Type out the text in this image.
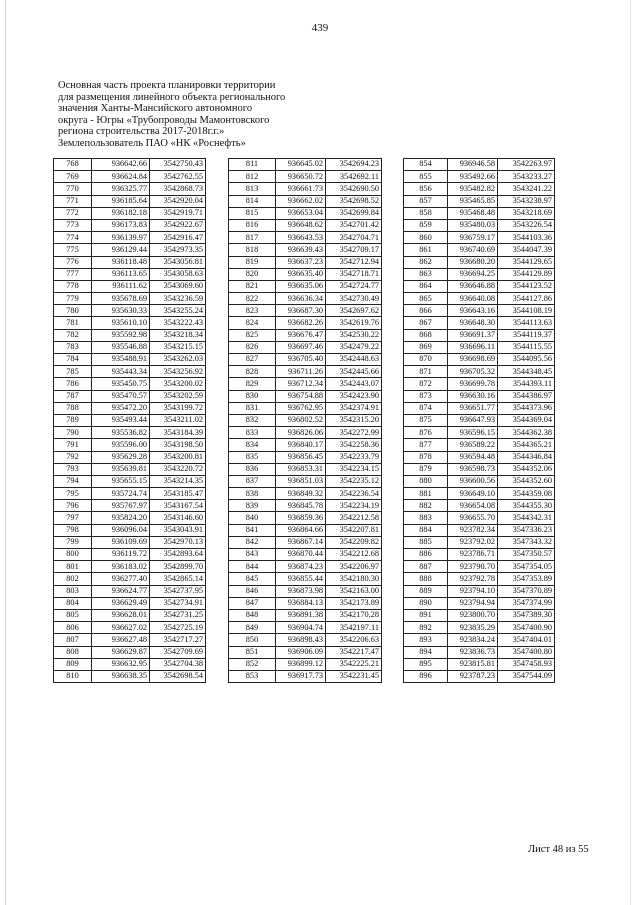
439
Основная часть проекта планировки территории
для размещения линейного объекта регионального
значения Ханты-Мансийского автономного
округа - Югры «Трубопроводы Мамонтовского
региона строительства 2017-2018г.г.»
Землепользователь ПАО «НК «Роснефть»
768	936642.66	3542750.43
769	936624.84	3542762.55
770	936325.77	3542868.73
771	936185.64	3542920.04
772	936182.18	3542919.71
773	936173.83	3542922.67
774	936139.97	3542916.47
775	936129.44	3542973.35
776	936118.48	3543056.81
777	936113.65	3543058.63
778	936111.62	3543069.60
779	935678.69	3543236.59
780	935630.33	3543255.24
781	935610.10	3543222.43
782	935592.98	3543218.34
783	935546.88	3543215.15
784	935488.91	3543262.03
785	935443.34	3543256.92
786	935450.75	3543200.02
787	935470.57	3543202.59
788	935472.20	3543199.72
789	935493.44	3543211.02
790	935536.82	3543184.39
791	935596.00	3543198.50
792	935629.28	3543200.81
793	935639.81	3543220.72
794	935655.15	3543214.35
795	935724.74	3543185.47
796	935767.97	3543167.54
797	935824.20	3543146.60
798	936096.04	3543043.91
799	936109.69	3542970.13
800	936119.72	3542893.64
801	936183.02	3542899.70
802	936277.40	3542865.14
803	936624.77	3542737.95
804	936629.49	3542734.91
805	936628.01	3542731.25
806	936627.02	3542725.19
807	936627.48	3542717.27
808	936629.87	3542709.69
809	936632.95	3542704.38
810	936638.35	3542698.54
811	936645.02	3542694.23
812	936650.72	3542692.11
813	936661.73	3542690.50
814	936662.02	3542698.52
815	936653.04	3542699.84
816	936648.62	3542701.42
817	936643.53	3542704.71
818	936639.43	3542709.17
819	936637.23	3542712.94
820	936635.40	3542718.71
821	936635.06	3542724.77
822	936636.34	3542730.49
823	936687.30	3542697.62
824	936682.26	3542619.76
825	936676.47	3542530.22
826	936697.46	3542479.22
827	936705.40	3542448.63
828	936711.26	3542445.66
829	936712.34	3542443.07
830	936754.88	3542423.90
831	936762.95	3542374.91
832	936802.52	3542315.20
833	936826.06	3542272.99
834	936840.17	3542258.36
835	936856.45	3542233.79
836	936853.31	3542234.15
837	936851.03	3542235.12
838	936849.32	3542236.54
839	936845.78	3542234.19
840	936859.36	3542212.58
841	936864.66	3542207.81
842	936867.14	3542209.82
843	936870.44	3542212.68
844	936874.23	3542206.97
845	936855.44	3542180.30
846	936873.98	3542163.00
847	936884.13	3542173.89
848	936891.38	3542170.28
849	936904.74	3542197.11
850	936898.43	3542206.63
851	936906.09	3542217.47
852	936899.12	3542225.21
853	936917.73	3542231.45
854	936946.58	3542263.97
855	935492.66	3543233.27
856	935482.82	3543241.22
857	935465.85	3543238.97
858	935468.48	3543218.69
859	935480.03	3543226.54
860	936759.17	3544103.36
861	936740.69	3544047.39
862	936680.20	3544129.65
863	936694.25	3544129.89
864	936646.88	3544123.52
865	936640.08	3544127.86
866	936643.16	3544108.19
867	936648.30	3544113.63
868	936691.37	3544119.37
869	936696.11	3544115.55
870	936698.69	3544095.56
871	936705.32	3544348.45
872	936699.78	3544393.11
873	936630.16	3544386.97
874	936651.77	3544373.96
875	936647.93	3544369.04
876	936596.15	3544362.38
877	936589.22	3544365.21
878	936594.48	3544346.84
879	936598.73	3544352.06
880	936600.56	3544352.60
881	936649.10	3544359.08
882	936654.08	3544355.30
883	936655.70	3544342.31
884	923782.34	3547336.23
885	923792.02	3547343.32
886	923786.71	3547350.57
887	923790.70	3547354.05
888	923792.78	3547353.89
889	923794.10	3547370.89
890	923794.94	3547374.99
891	923800.70	3547389.30
892	923835.29	3547400.90
893	923834.24	3547404.01
894	923836.73	3547400.80
895	923815.81	3547458.93
896	923787.23	3547544.09
Лист 48 из 55
